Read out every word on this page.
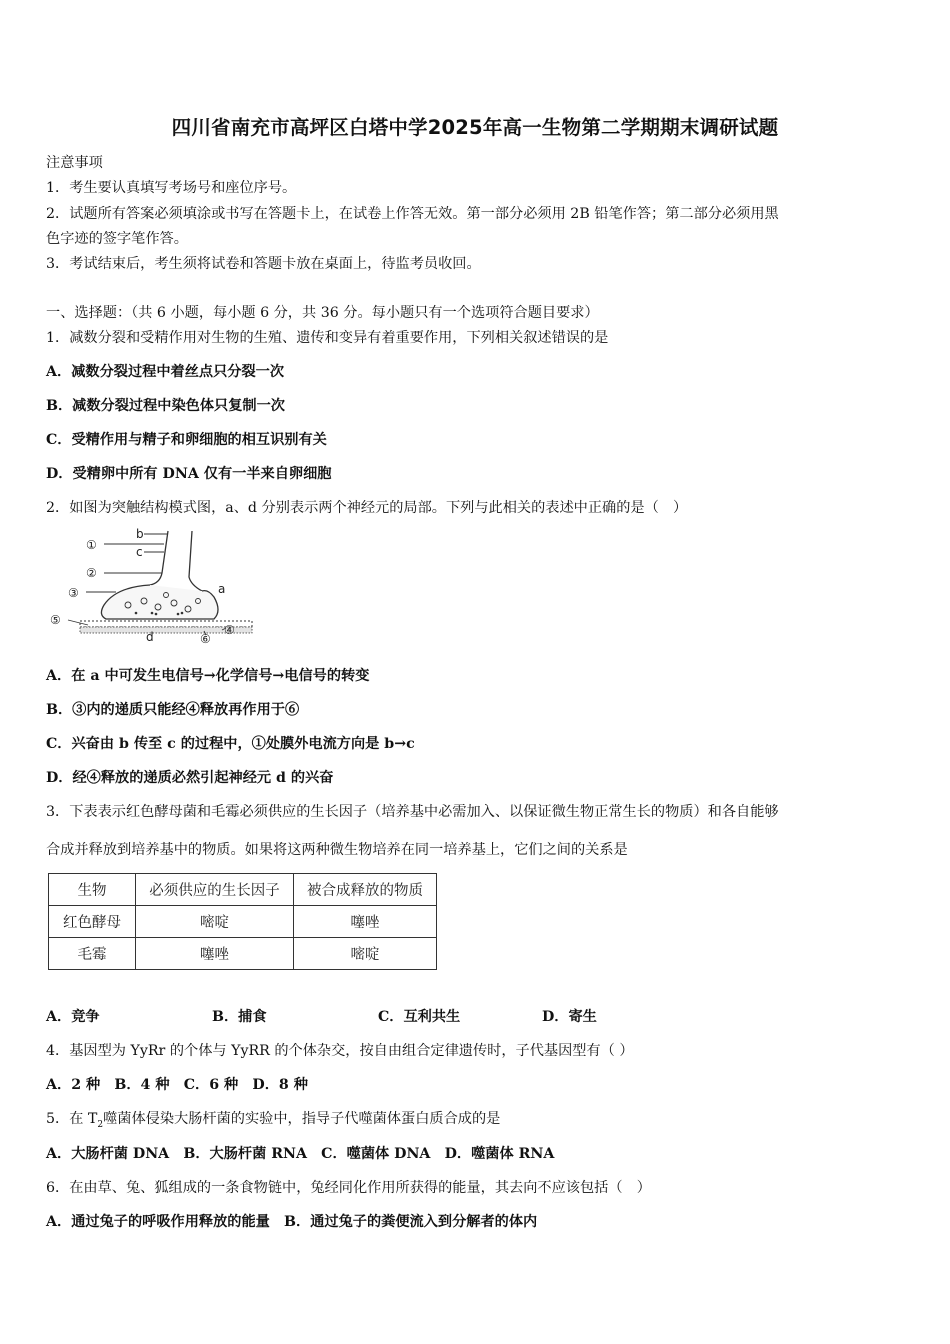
四川省南充市高坪区白塔中学2025年高一生物第二学期期末调研试题
注意事项
1．考生要认真填写考场号和座位序号。
2．试题所有答案必须填涂或书写在答题卡上，在试卷上作答无效。第一部分必须用 2B 铅笔作答；第二部分必须用黑
色字迹的签字笔作答。
3．考试结束后，考生须将试卷和答题卡放在桌面上，待监考员收回。
一、选择题：（共 6 小题，每小题 6 分，共 36 分。每小题只有一个选项符合题目要求）
1．减数分裂和受精作用对生物的生殖、遗传和变异有着重要作用，下列相关叙述错误的是
A．减数分裂过程中着丝点只分裂一次
B．减数分裂过程中染色体只复制一次
C．受精作用与精子和卵细胞的相互识别有关
D．受精卵中所有 DNA 仅有一半来自卵细胞
2．如图为突触结构模式图，a、d 分别表示两个神经元的局部。下列与此相关的表述中正确的是（　）
b
c
①
②
③	a
⑤
④
⑥
d
A．在 a 中可发生电信号→化学信号→电信号的转变
B．③内的递质只能经④释放再作用于⑥
C．兴奋由 b 传至 c 的过程中，①处膜外电流方向是 b→c
D．经④释放的递质必然引起神经元 d 的兴奋
3．下表表示红色酵母菌和毛霉必须供应的生长因子（培养基中必需加入、以保证微生物正常生长的物质）和各自能够
合成并释放到培养基中的物质。如果将这两种微生物培养在同一培养基上，它们之间的关系是
生物	必须供应的生长因子	被合成释放的物质
红色酵母	嘧啶	噻唑
毛霉	噻唑	嘧啶
A．竞争	B．捕食	C．互利共生	D．寄生
4．基因型为 YyRr 的个体与 YyRR 的个体杂交，按自由组合定律遗传时，子代基因型有（ ）
A．2 种　B．4 种　C．6 种　D．8 种
5．在 $T_2$噬菌体侵染大肠杆菌的实验中，指导子代噬菌体蛋白质合成的是
A．大肠杆菌 DNA　B．大肠杆菌 RNA　C．噬菌体 DNA　D．噬菌体 RNA
6．在由草、兔、狐组成的一条食物链中，兔经同化作用所获得的能量，其去向不应该包括（　）
A．通过兔子的呼吸作用释放的能量　B．通过兔子的粪便流入到分解者的体内
